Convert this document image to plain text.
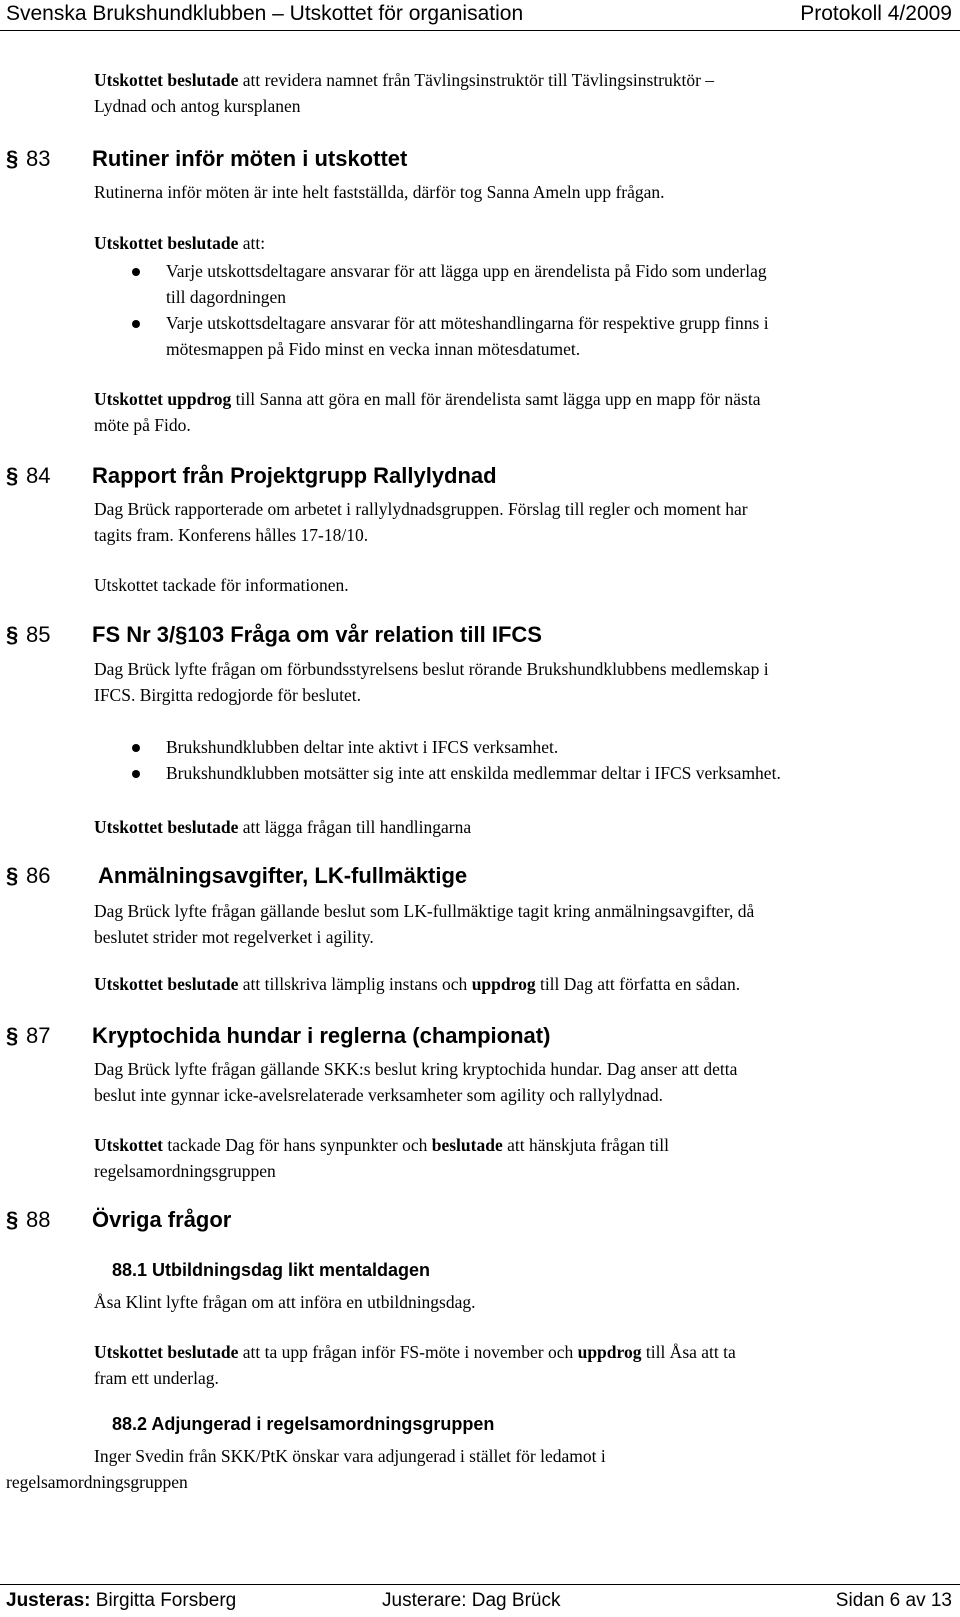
Svenska Brukshundklubben – Utskottet för organisation	Protokoll 4/2009
Utskottet beslutade att revidera namnet från Tävlingsinstruktör till Tävlingsinstruktör –
Lydnad och antog kursplanen
§ 83 Rutiner inför möten i utskottet
Rutinerna inför möten är inte helt fastställda, därför tog Sanna Ameln upp frågan.
Utskottet beslutade att:
Varje utskottsdeltagare ansvarar för att lägga upp en ärendelista på Fido som underlag
till dagordningen
Varje utskottsdeltagare ansvarar för att möteshandlingarna för respektive grupp finns i
mötesmappen på Fido minst en vecka innan mötesdatumet.
Utskottet uppdrog till Sanna att göra en mall för ärendelista samt lägga upp en mapp för nästa
möte på Fido.
§ 84 Rapport från Projektgrupp Rallylydnad
Dag Brück rapporterade om arbetet i rallylydnadsgruppen. Förslag till regler och moment har
tagits fram. Konferens hålles 17-18/10.
Utskottet tackade för informationen.
§ 85 FS Nr 3/§103 Fråga om vår relation till IFCS
Dag Brück lyfte frågan om förbundsstyrelsens beslut rörande Brukshundklubbens medlemskap i
IFCS. Birgitta redogjorde för beslutet.
Brukshundklubben deltar inte aktivt i IFCS verksamhet.
Brukshundklubben motsätter sig inte att enskilda medlemmar deltar i IFCS verksamhet.
Utskottet beslutade att lägga frågan till handlingarna
§ 86 Anmälningsavgifter, LK-fullmäktige
Dag Brück lyfte frågan gällande beslut som LK-fullmäktige tagit kring anmälningsavgifter, då
beslutet strider mot regelverket i agility.
Utskottet beslutade att tillskriva lämplig instans och uppdrog till Dag att författa en sådan.
§ 87 Kryptochida hundar i reglerna (championat)
Dag Brück lyfte frågan gällande SKK:s beslut kring kryptochida hundar. Dag anser att detta
beslut inte gynnar icke-avelsrelaterade verksamheter som agility och rallylydnad.
Utskottet tackade Dag för hans synpunkter och beslutade att hänskjuta frågan till
regelsamordningsgruppen
§ 88 Övriga frågor
88.1 Utbildningsdag likt mentaldagen
Åsa Klint lyfte frågan om att införa en utbildningsdag.
Utskottet beslutade att ta upp frågan inför FS-möte i november och uppdrog till Åsa att ta
fram ett underlag.
88.2 Adjungerad i regelsamordningsgruppen
Inger Svedin från SKK/PtK önskar vara adjungerad i stället för ledamot i
regelsamordningsgruppen
Justeras: Birgitta Forsberg	Justerare: Dag Brück	Sidan 6 av 13
